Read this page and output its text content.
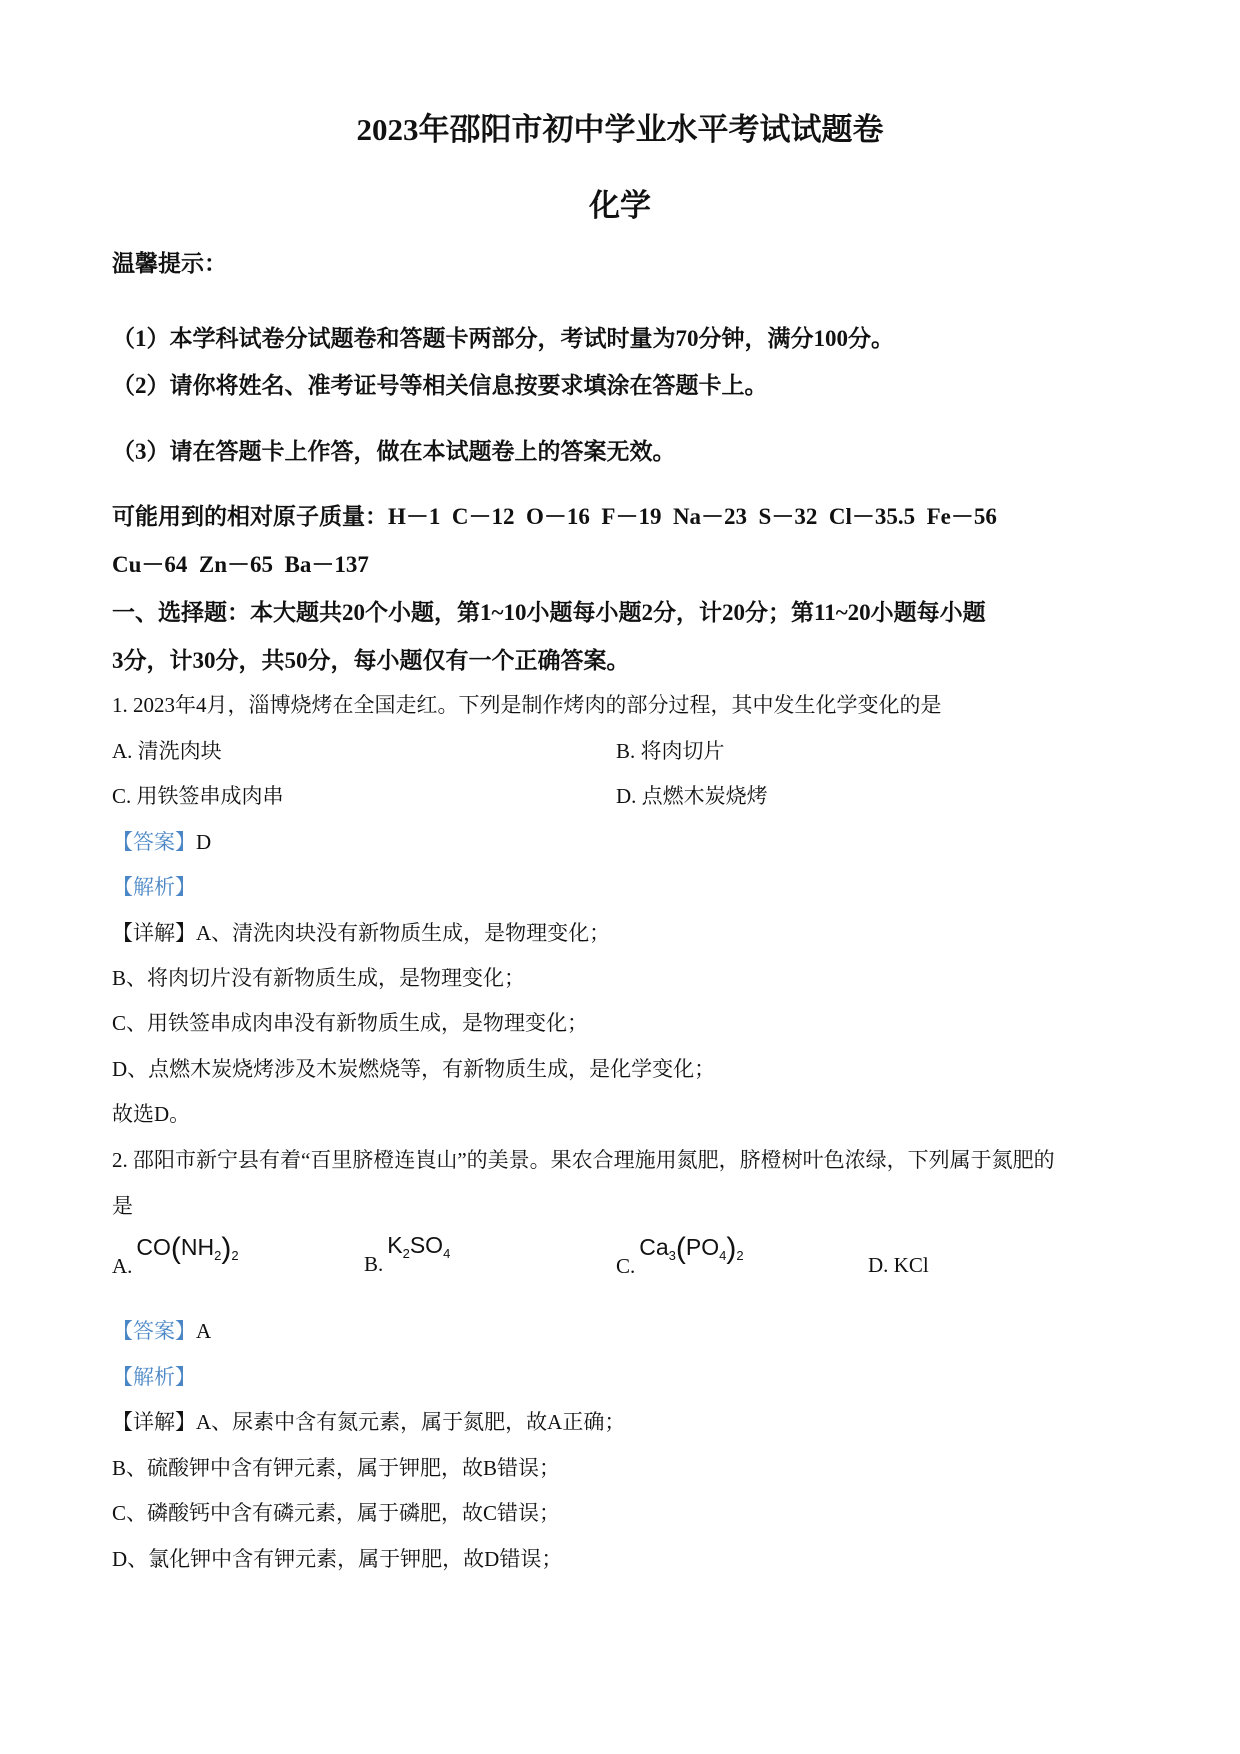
2023年邵阳市初中学业水平考试试题卷
化学
温馨提示：
（1）本学科试卷分试题卷和答题卡两部分，考试时量为70分钟，满分100分。
（2）请你将姓名、准考证号等相关信息按要求填涂在答题卡上。
（3）请在答题卡上作答，做在本试题卷上的答案无效。
可能用到的相对原子质量：H－1  C－12  O－16  F－19  Na－23  S－32  Cl－35.5  Fe－56
Cu－64  Zn－65  Ba－137
一、选择题：本大题共20个小题，第1~10小题每小题2分，计20分；第11~20小题每小题
3分，计30分，共50分，每小题仅有一个正确答案。
1. 2023年4月，淄博烧烤在全国走红。下列是制作烤肉的部分过程，其中发生化学变化的是
A. 清洗肉块	B. 将肉切片
C. 用铁签串成肉串	D. 点燃木炭烧烤
【答案】D
【解析】
【详解】A、清洗肉块没有新物质生成，是物理变化；
B、将肉切片没有新物质生成，是物理变化；
C、用铁签串成肉串没有新物质生成，是物理变化；
D、点燃木炭烧烤涉及木炭燃烧等，有新物质生成，是化学变化；
故选D。
2. 邵阳市新宁县有着“百里脐橙连崀山”的美景。果农合理施用氮肥，脐橙树叶色浓绿，下列属于氮肥的
是
A. $CO(NH_2)_2$	B. $K_2SO_4$
C. $Ca_3(PO_4)_2$	D. KCl
【答案】A
【解析】
【详解】A、尿素中含有氮元素，属于氮肥，故A正确；
B、硫酸钾中含有钾元素，属于钾肥，故B错误；
C、磷酸钙中含有磷元素，属于磷肥，故C错误；
D、氯化钾中含有钾元素，属于钾肥，故D错误；
